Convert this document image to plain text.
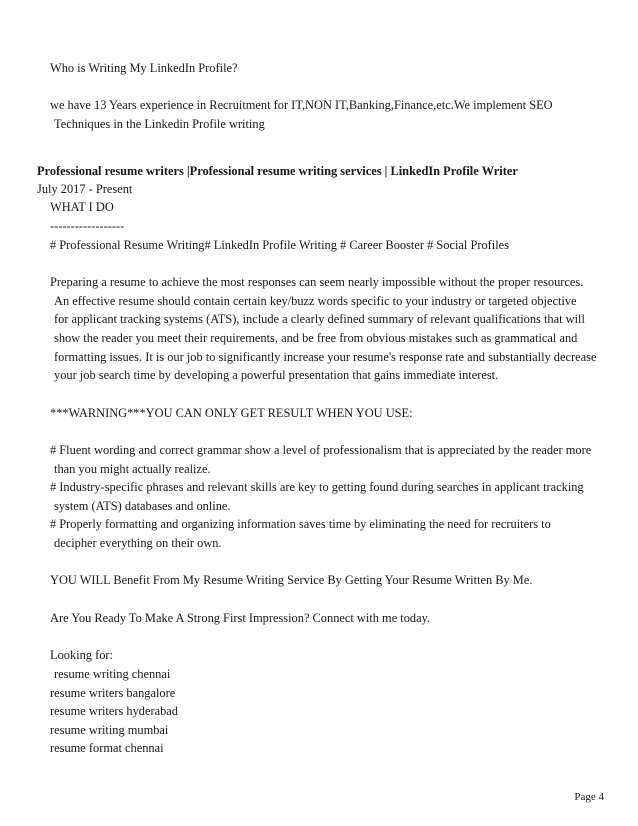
Who is Writing My LinkedIn Profile?
we have 13 Years experience in Recruitment for IT,NON IT,Banking,Finance,etc.We implement SEO
Techniques in the Linkedin Profile writing
Professional resume writers |Professional resume writing services | LinkedIn Profile Writer
July 2017 - Present
WHAT I DO
------------------
# Professional Resume Writing# LinkedIn Profile Writing # Career Booster # Social Profiles
Preparing a resume to achieve the most responses can seem nearly impossible without the proper resources.
An effective resume should contain certain key/buzz words specific to your industry or targeted objective
for applicant tracking systems (ATS), include a clearly defined summary of relevant qualifications that will
show the reader you meet their requirements, and be free from obvious mistakes such as grammatical and
formatting issues. It is our job to significantly increase your resume's response rate and substantially decrease
your job search time by developing a powerful presentation that gains immediate interest.
***WARNING***YOU CAN ONLY GET RESULT WHEN YOU USE:
# Fluent wording and correct grammar show a level of professionalism that is appreciated by the reader more
than you might actually realize.
# Industry-specific phrases and relevant skills are key to getting found during searches in applicant tracking
system (ATS) databases and online.
# Properly formatting and organizing information saves time by eliminating the need for recruiters to
decipher everything on their own.
YOU WILL Benefit From My Resume Writing Service By Getting Your Resume Written By Me.
Are You Ready To Make A Strong First Impression? Connect with me today.
Looking for:
resume writing chennai
resume writers bangalore
resume writers hyderabad
resume writing mumbai
resume format chennai
Page 4
